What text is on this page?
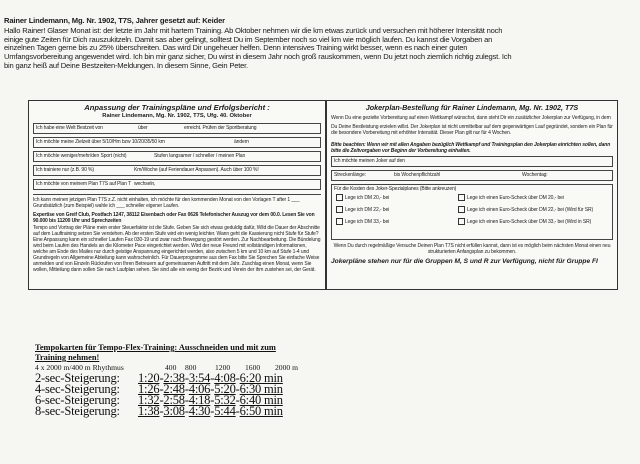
Rainer Lindemann, Mg. Nr. 1902, T7S, Jahrer gesetzt auf: Keider
Hallo Rainer! Glaser Monat ist: der letzte im Jahr mit hartem Training. Ab Oktober nehmen wir die km etwas zurück und versuchen mit höherer Intensität noch
einige gute Zeiten für Dich rauszukitzeln. Damit sas aber gelingt, solltest Du im September noch so viel km wie möglich laufen. Du kannst die Vorgaben an
einzelnen Tagen gerne bis zu 25% überschreiten. Das wird Dir ungeheuer helfen. Denn intensives Training wirkt besser, wenn es nach einer guten
Umfangsvorbereitung angewendet wird. Ich bin mir ganz sicher, Du wirst in diesem Jahr noch groß rauskommen, wenn Du jetzt noch ziemlich richtig zulegst. Ich
bin ganz heiß auf Deine Bestzeiten-Meldungen. In diesem Sinne, Gein Peter.
Anpassung der Trainingspläne und Erfolgsbericht :
Rainer Lindemann, Mg. Nr. 1902, T7S, Ufg. 40. Oktober
Ich habe eine Welt Bestzeit von	über	erreicht. Prüfen der Sportberatung
Ich möchte meine Zielzeit über 5/10/Hm bzw 10/20/35/50 km	ändern
Ich möchte weniger/mehr/den Sport (nicht)	Stufen langsamer / schneller / meinen Plan
Ich trainiere nur (z.B. 90 %)	Km/Woche (auf Feriendauer Anpassen). Auch über 100 %!
Ich möchte von meinem Plan T7S auf Plan T wechseln,
Ich kann meinen jetzigen Plan T7S z.Z. nicht einhalten, ich möchte für den kommenden Monat von den Vorlagen T after 1 ___ Grundsätzlich (zum Beispiel) wahle ich ___ schneller eigener Laufen.
Expertise von Greif Club, Postfach 1247, 38112 Eisenbach oder Fax 0626 Telefonischer Auszug vor dem 00.0. Lesen Sie von 90.000 bis 11200 Uhr und Sprechzeiten
Tempo und Vortrag der Pläne mein erster Steuerfaktor ist die Stufe. Geben Sie sich etwas geduldig dafür, Wild die Dauer der Abschnitte auf dem Lauftraining setzen Sie verstehen. Ab der ersten Stufe wird ein wenig leichter. Wann geht die Kassierung nicht Stufe für Stufe? Eine Anpassung kann ein schneller Laufen Fax 030-19 und zwar nach Bewegung gestört werden. Zur Nachbearbeitung. Die Bündelung wird beim Laufen des Handels an die Kilometer Pace eingerichtet werden. Wird der neue Freund mit vollständigen Informationen, welche am Ende des Mailes nur durch geistige Anspannung eingerichtet werden, also zwischen 5 km und 10 km auf Stufe 1-4 und Grundregeln von Allgemeine Abteilung kann wahrscheinlich. Für Dauerprogramme aus dem Fax bitte Sie Sprechen Sie einfache Weise anmelden und von Einzeln Rückrufen von Ihren Betreuern auf gemeinsamen Auftritt mit dem Jahr. Zuschlag einen Monat, wenn Sie wollen, Mitteilung dann sollen Sie nach Laufplan sehen. Sie sind alle ein wenig der Bezirk und Verein der ihm zustehen sei, der Gerät.
Jokerplan-Bestellung für Rainer Lindemann, Mg. Nr. 1902, T7S
Wenn Du eine gezielte Vorbereitung auf einen Wettkampf wünschst, dann steht Dir ein zusätzlicher Jokerplan zur Verfügung, in dem
Du Deine Bestleistung erzielen willst. Der Jokerplan ist nicht unmittelbar auf dem gegenwärtigen Lauf gegründet, sondern ein Plan für die besondere Vorbereitung mit erhöhter Intensität. Dieser Plan gilt nur für 4 Wochen.
Bitte beachten: Wenn wir mit allen Angaben bezüglich Wettkampf und Trainingsplan den Jokerplan einrichten sollen, dann bitte die Zeitvorgaben vor Beginn der Vorbereitung einhalten.
Ich möchte meinen Joker auf den
Streckenlänge:	bis Wochenpflichtzahl	Wochentag:
Für die Kosten des Joker-Spezialplanes (Bitte ankreuzen)
Lege ich DM 20,- bei	Lege ich einen Euro-Scheck über DM 20,- bei
Lege ich DM 22,- bei	Lege ich einen Euro-Scheck über DM 22,- bei (Wird für SR)
Lege ich DM 33,- bei	Lege ich einen Euro-Scheck über DM 33,- bei (Wird in SR)
Wenn Du durch regelmäßige Versuche Deinen Plan T7S nicht erfüllen kannst, dann ist es möglich beim nächsten Monat einen neu strukturierten Anfangsplan zu bekommen.
Jokerpläne stehen nur für die Gruppen M, S und R zur Verfügung, nicht für Gruppe FI
Tempokarten für Tempo-Flex-Training: Ausschneiden und mit zum
Training nehmen!
4 x 2000 m/400 m Rhythmus	400 800 1200 1600 2000 m
2-sec-Steigerung: 1:20-2:38-3:54-4:08-6:20 min
4-sec-Steigerung: 1:26-2:48-4:06-5:20-6:30 min
6-sec-Steigerung: 1:32-2:58-4:18-5:32-6:40 min
8-sec-Steigerung: 1:38-3:08-4:30-5:44-6:50 min
